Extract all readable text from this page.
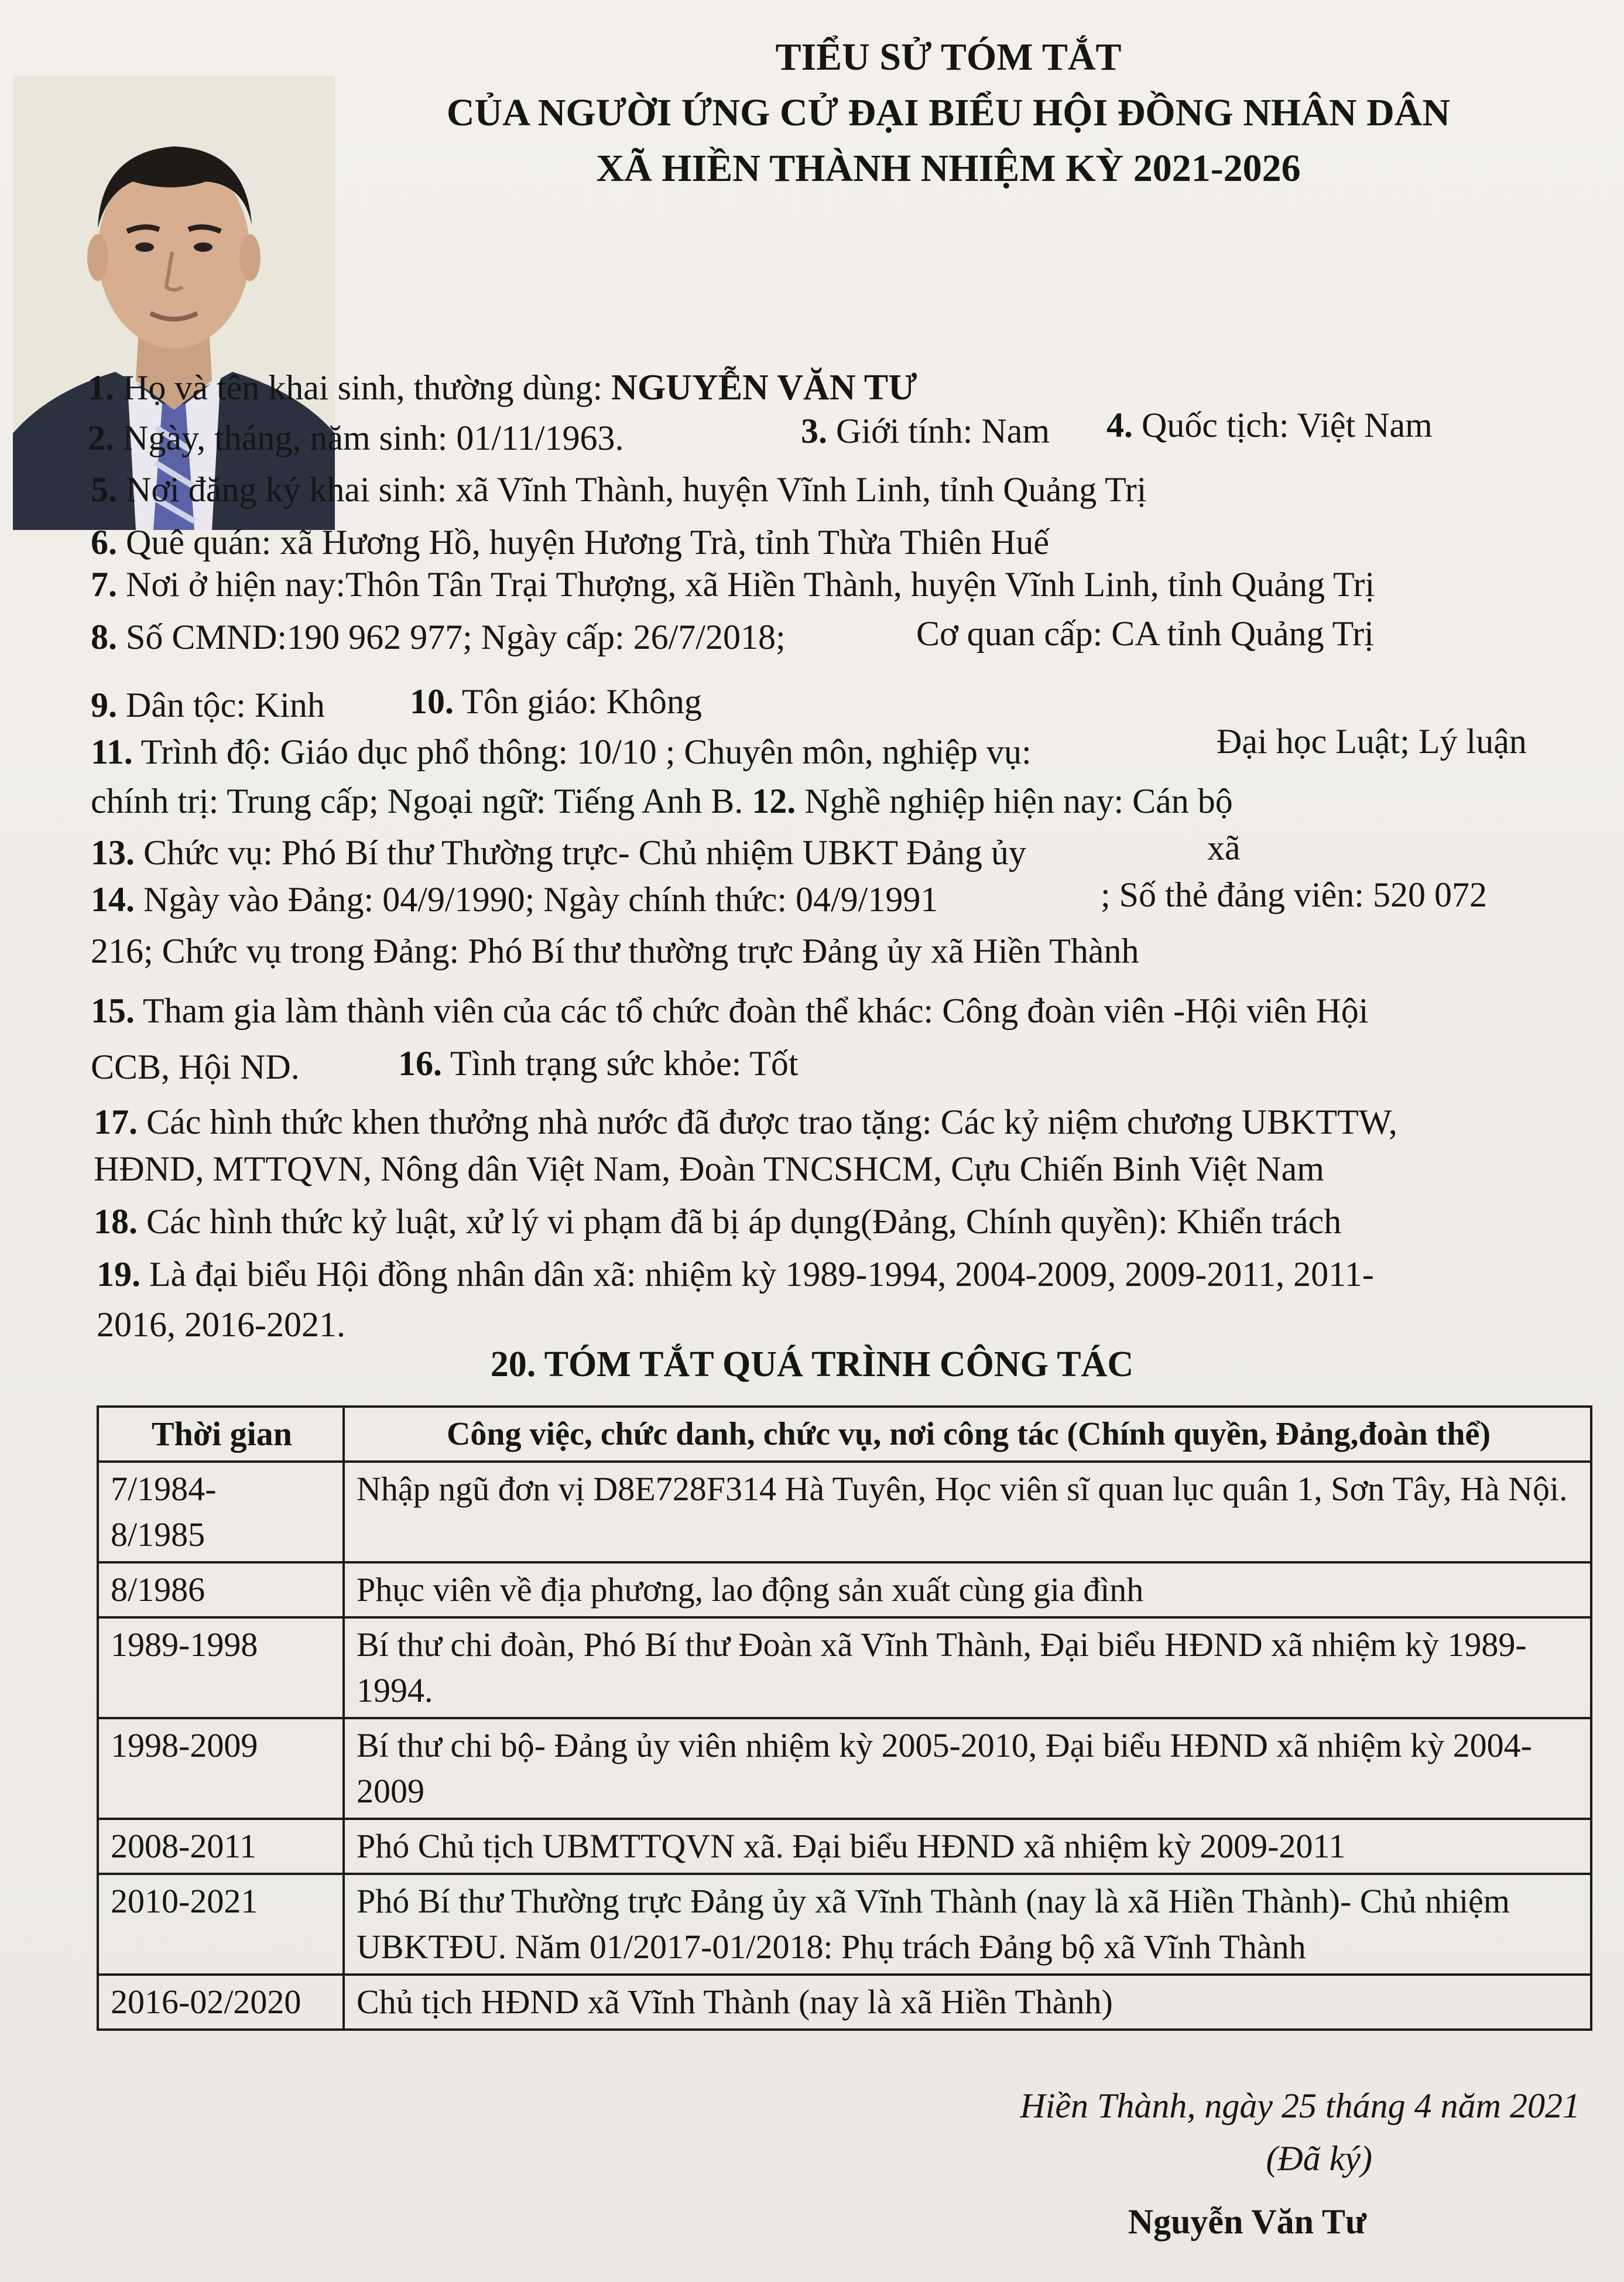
TIỂU SỬ TÓM TẮT
CỦA NGƯỜI ỨNG CỬ ĐẠI BIỂU HỘI ĐỒNG NHÂN DÂN
XÃ HIỀN THÀNH NHIỆM KỲ 2021-2026
1. Họ và tên khai sinh, thường dùng: NGUYỄN VĂN TƯ
2. Ngày, tháng, năm sinh: 01/11/1963.	3. Giới tính: Nam 4. Quốc tịch: Việt Nam
5. Nơi đăng ký khai sinh: xã Vĩnh Thành, huyện Vĩnh Linh, tỉnh Quảng Trị
6. Quê quán: xã Hương Hồ, huyện Hương Trà, tỉnh Thừa Thiên Huế
7. Nơi ở hiện nay:Thôn Tân Trại Thượng, xã Hiền Thành, huyện Vĩnh Linh, tỉnh Quảng Trị
8. Số CMND:190 962 977; Ngày cấp: 26/7/2018;	Cơ quan cấp: CA tỉnh Quảng Trị
9. Dân tộc: Kinh 10. Tôn giáo: Không
11. Trình độ: Giáo dục phổ thông: 10/10 ; Chuyên môn, nghiệp vụ:	Đại học Luật; Lý luận
chính trị: Trung cấp; Ngoại ngữ: Tiếng Anh B. 12. Nghề nghiệp hiện nay: Cán bộ
13. Chức vụ: Phó Bí thư Thường trực- Chủ nhiệm UBKT Đảng ủy	xã
14. Ngày vào Đảng: 04/9/1990; Ngày chính thức: 04/9/1991	; Số thẻ đảng viên: 520 072
216; Chức vụ trong Đảng: Phó Bí thư thường trực Đảng ủy xã Hiền Thành
15. Tham gia làm thành viên của các tổ chức đoàn thể khác: Công đoàn viên -Hội viên Hội
CCB, Hội ND.	16. Tình trạng sức khỏe: Tốt
17. Các hình thức khen thưởng nhà nước đã được trao tặng: Các kỷ niệm chương UBKTTW,
HĐND, MTTQVN, Nông dân Việt Nam, Đoàn TNCSHCM, Cựu Chiến Binh Việt Nam
18. Các hình thức kỷ luật, xử lý vi phạm đã bị áp dụng(Đảng, Chính quyền): Khiển trách
19. Là đại biểu Hội đồng nhân dân xã: nhiệm kỳ 1989-1994, 2004-2009, 2009-2011, 2011-
2016, 2016-2021.
20. TÓM TẮT QUÁ TRÌNH CÔNG TÁC
Thời gian	Công việc, chức danh, chức vụ, nơi công tác (Chính quyền, Đảng,đoàn thể)
7/1984-
8/1985	Nhập ngũ đơn vị D8E728F314 Hà Tuyên, Học viên sĩ quan lục quân 1, Sơn Tây, Hà Nội.
8/1986	Phục viên về địa phương, lao động sản xuất cùng gia đình
1989-1998	Bí thư chi đoàn, Phó Bí thư Đoàn xã Vĩnh Thành, Đại biểu HĐND xã nhiệm kỳ 1989-1994.
1998-2009	Bí thư chi bộ- Đảng ủy viên nhiệm kỳ 2005-2010, Đại biểu HĐND xã nhiệm kỳ 2004-2009
2008-2011	Phó Chủ tịch UBMTTQVN xã. Đại biểu HĐND xã nhiệm kỳ 2009-2011
2010-2021	Phó Bí thư Thường trực Đảng ủy xã Vĩnh Thành (nay là xã Hiền Thành)- Chủ nhiệm UBKTĐU. Năm 01/2017-01/2018: Phụ trách Đảng bộ xã Vĩnh Thành
2016-02/2020	Chủ tịch HĐND xã Vĩnh Thành (nay là xã Hiền Thành)
Hiền Thành, ngày 25 tháng 4 năm 2021
(Đã ký)
Nguyễn Văn Tư
